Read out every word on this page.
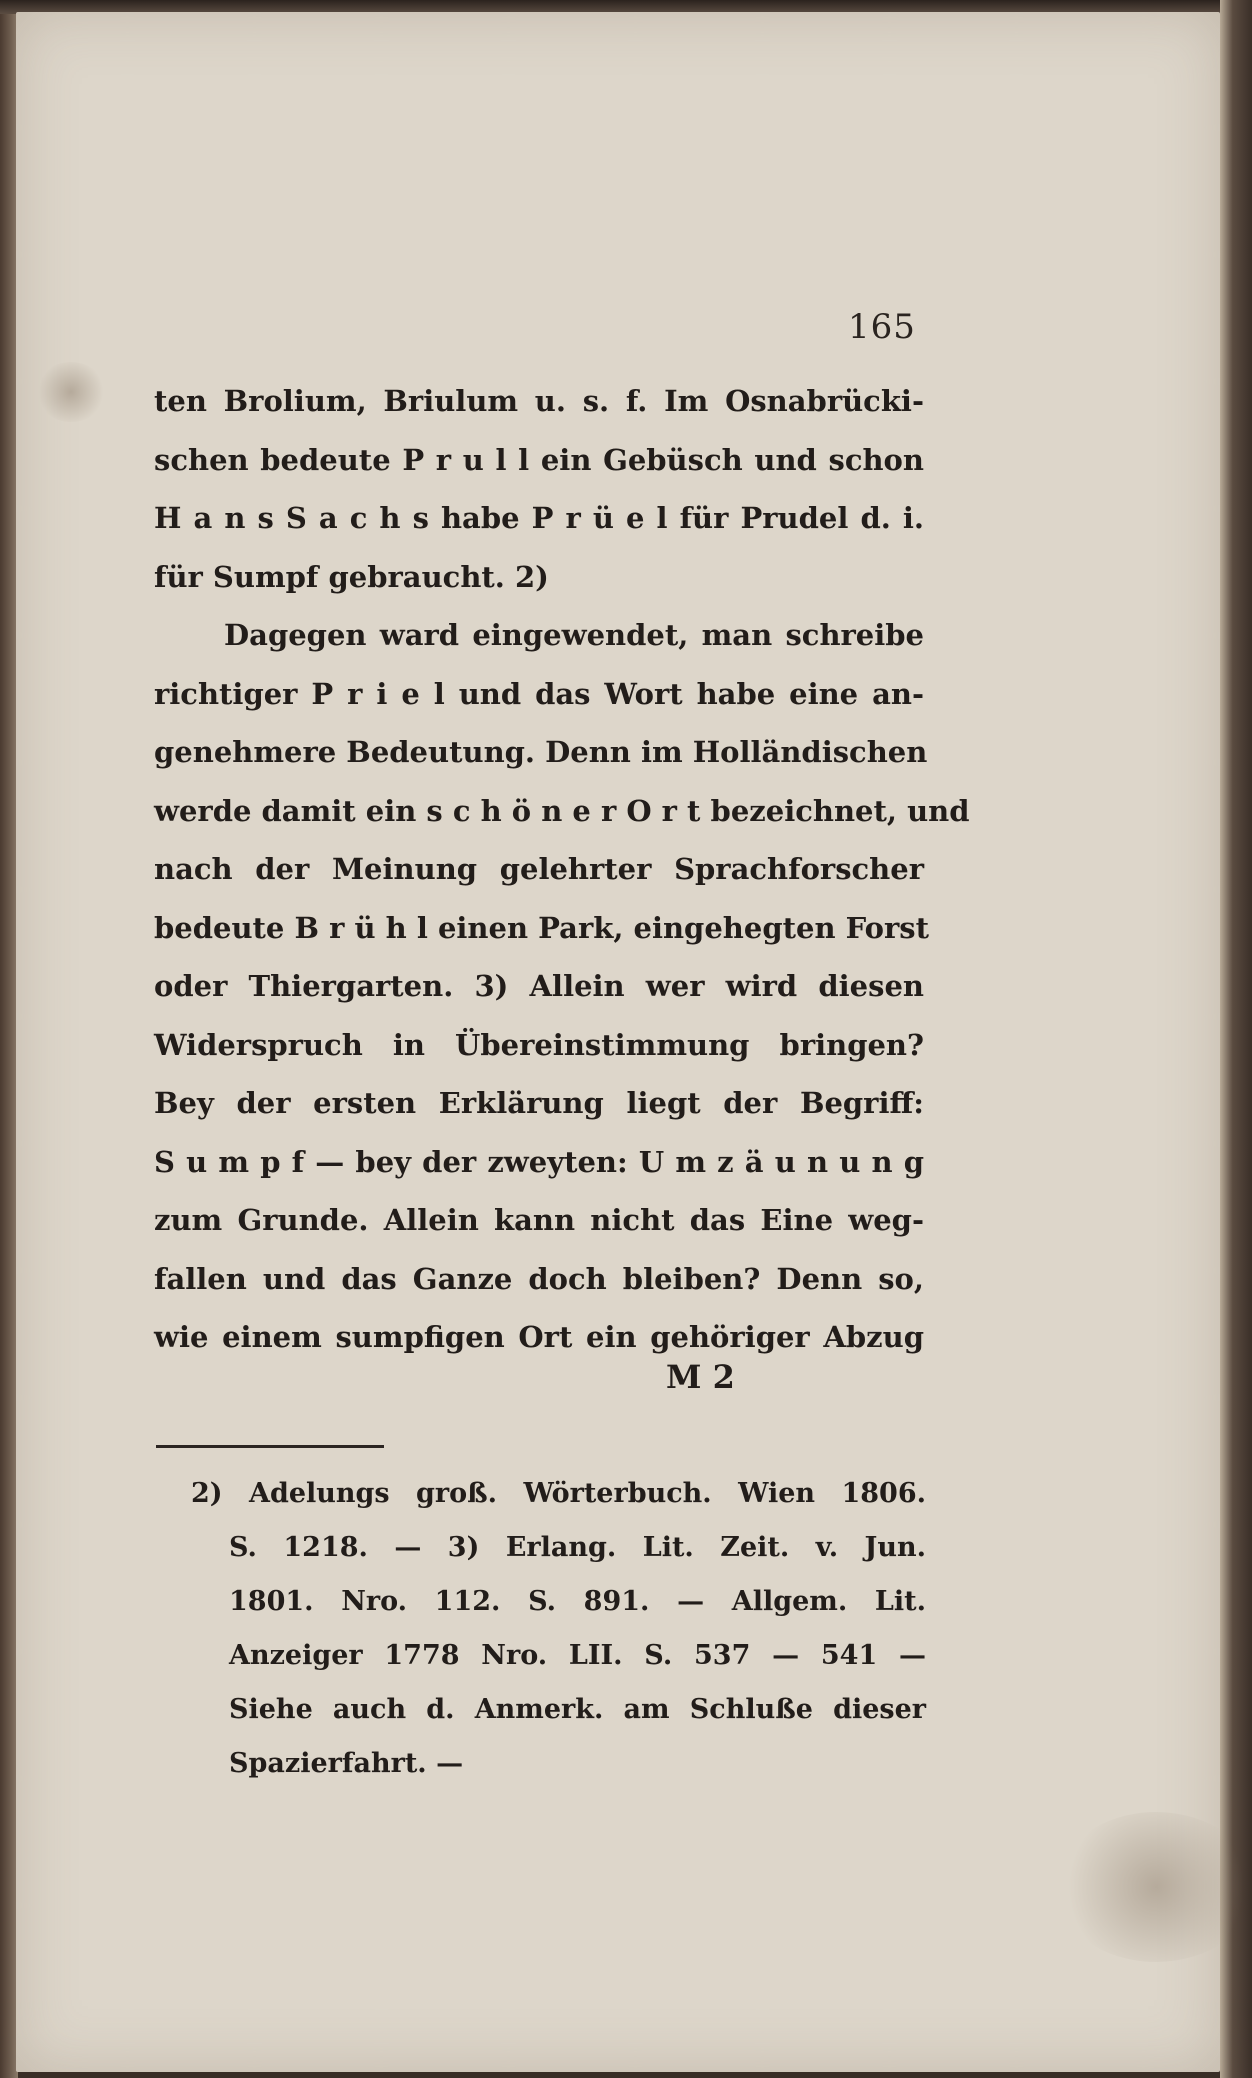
165
ten Brolium, Briulum u. s. f. Im Osnabrücki-
schen bedeute P r u l l ein Gebüsch und schon
H a n s S a c h s habe P r ü e l für Prudel d. i.
für Sumpf gebraucht. 2)
Dagegen ward eingewendet, man schreibe
richtiger P r i e l und das Wort habe eine an-
genehmere Bedeutung. Denn im Holländischen
werde damit ein s c h ö n e r O r t bezeichnet, und
nach der Meinung gelehrter Sprachforscher
bedeute B r ü h l einen Park, eingehegten Forst
oder Thiergarten. 3) Allein wer wird diesen
Widerspruch in Übereinstimmung bringen?
Bey der ersten Erklärung liegt der Begriff:
S u m p f — bey der zweyten: U m z ä u n u n g
zum Grunde. Allein kann nicht das Eine weg-
fallen und das Ganze doch bleiben? Denn so,
wie einem sumpfigen Ort ein gehöriger Abzug
M 2
2) Adelungs groß. Wörterbuch. Wien 1806.
S. 1218. — 3) Erlang. Lit. Zeit. v. Jun.
1801. Nro. 112. S. 891. — Allgem. Lit.
Anzeiger 1778 Nro. LII. S. 537 — 541 —
Siehe auch d. Anmerk. am Schluße dieser
Spazierfahrt. —
